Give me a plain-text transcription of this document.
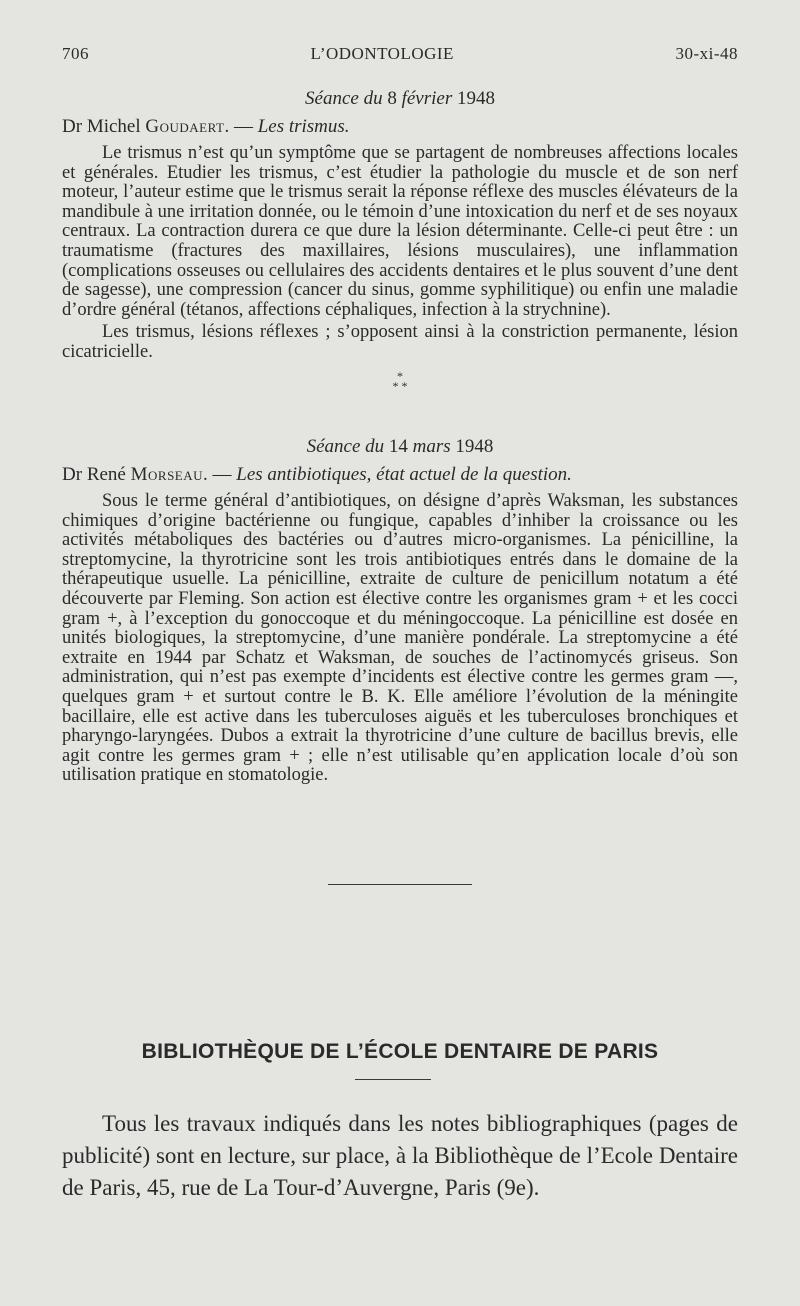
706	L’ODONTOLOGIE	30-xi-48
Séance du 8 février 1948
Dr Michel Goudaert. — Les trismus.

Le trismus n’est qu’un symptôme que se partagent de nombreuses affections locales et générales. Etudier les trismus, c’est étudier la pathologie du muscle et de son nerf moteur, l’auteur estime que le trismus serait la réponse réflexe des muscles élévateurs de la mandibule à une irritation donnée, ou le témoin d’une intoxication du nerf et de ses noyaux centraux. La contraction durera ce que dure la lésion déterminante. Celle-ci peut être : un traumatisme (fractures des maxillaires, lésions musculaires), une inflammation (complications osseuses ou cellulaires des accidents dentaires et le plus souvent d’une dent de sagesse), une compression (cancer du sinus, gomme syphilitique) ou enfin une maladie d’ordre général (tétanos, affections céphaliques, infection à la strychnine).

Les trismus, lésions réflexes ; s’opposent ainsi à la constriction permanente, lésion cicatricielle.

*
* *
Séance du 14 mars 1948
Dr René Morseau. — Les antibiotiques, état actuel de la question.

Sous le terme général d’antibiotiques, on désigne d’après Waksman, les substances chimiques d’origine bactérienne ou fungique, capables d’inhiber la croissance ou les activités métaboliques des bactéries ou d’autres micro-organismes. La pénicilline, la streptomycine, la thyrotricine sont les trois antibiotiques entrés dans le domaine de la thérapeutique usuelle. La pénicilline, extraite de culture de penicillum notatum a été découverte par Fleming. Son action est élective contre les organismes gram + et les cocci gram +, à l’exception du gonoccoque et du méningoccoque. La pénicilline est dosée en unités biologiques, la streptomycine, d’une manière pondérale. La streptomycine a été extraite en 1944 par Schatz et Waksman, de souches de l’actinomycés griseus. Son administration, qui n’est pas exempte d’incidents est élective contre les germes gram —, quelques gram + et surtout contre le B. K. Elle améliore l’évolution de la méningite bacillaire, elle est active dans les tuberculoses aiguës et les tuberculoses bronchiques et pharyngo-laryngées. Dubos a extrait la thyrotricine d’une culture de bacillus brevis, elle agit contre les germes gram + ; elle n’est utilisable qu’en application locale d’où son utilisation pratique en stomatologie.

BIBLIOTHÈQUE DE L’ÉCOLE DENTAIRE DE PARIS

Tous les travaux indiqués dans les notes bibliographiques (pages de publicité) sont en lecture, sur place, à la Bibliothèque de l’Ecole Dentaire de Paris, 45, rue de La Tour-d’Auvergne, Paris (9e).
